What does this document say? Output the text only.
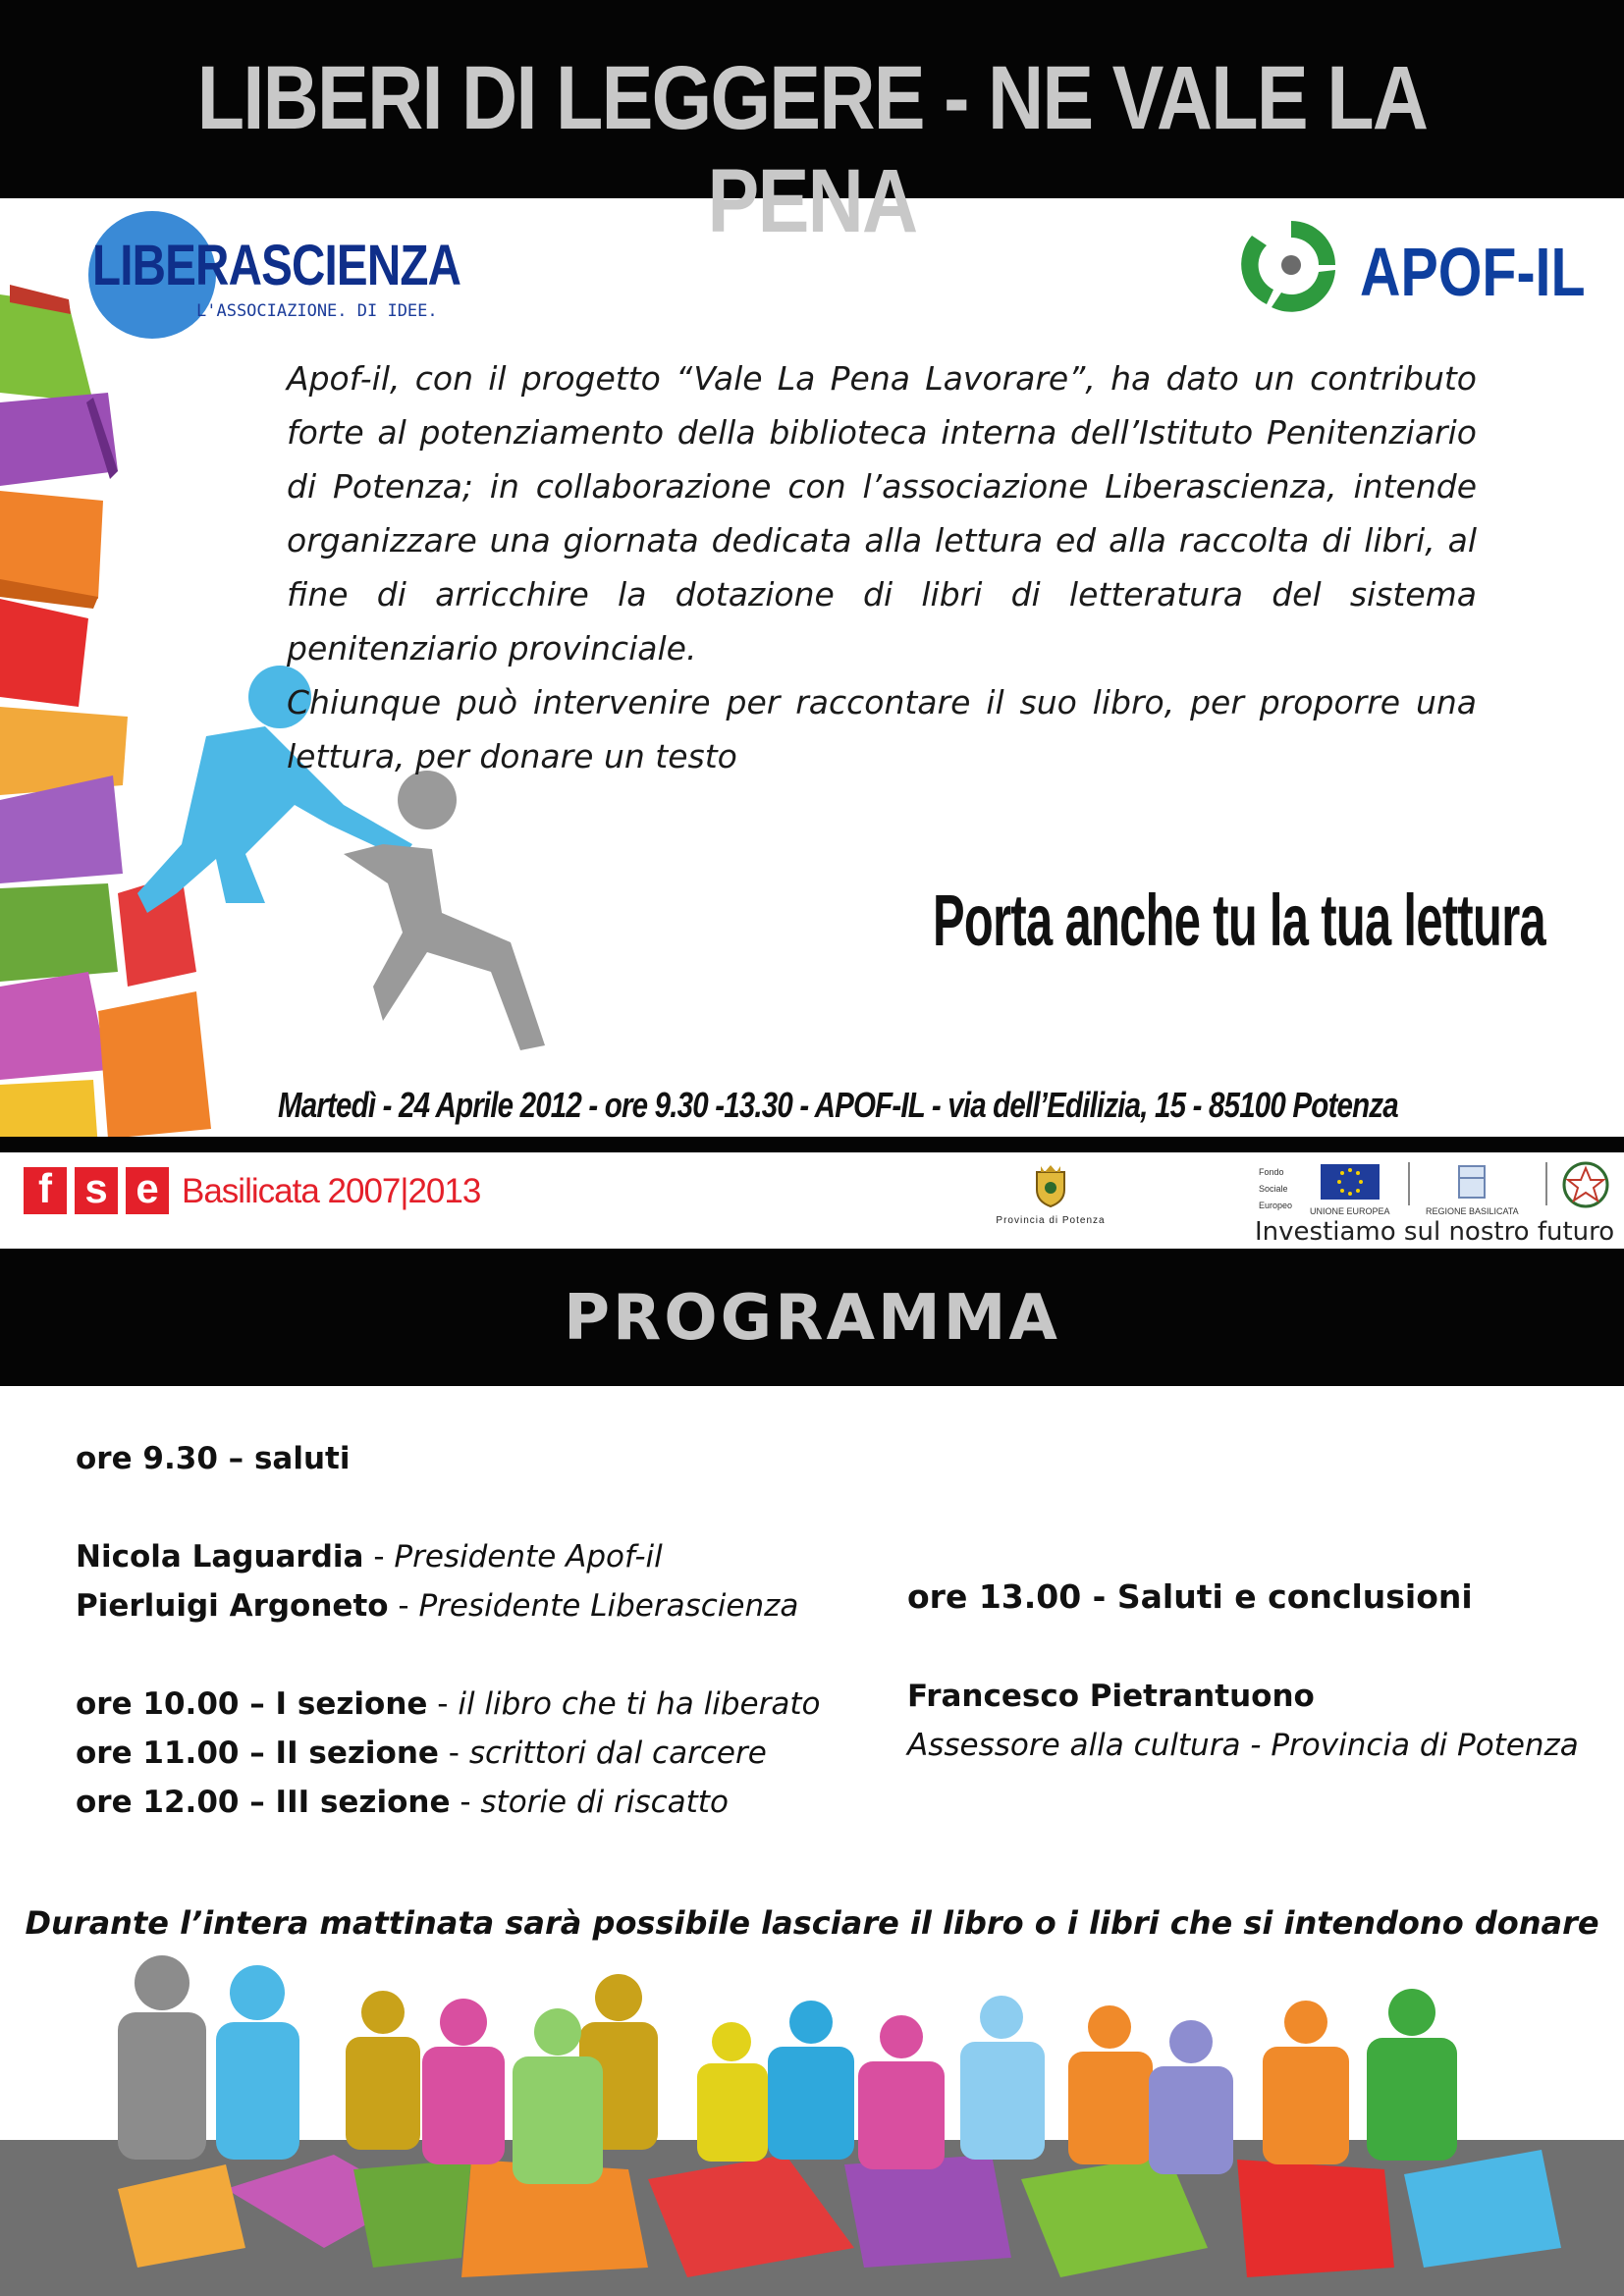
LIBERI DI LEGGERE - NE VALE LA PENA
LIBERASCIENZA
L'ASSOCIAZIONE. DI IDEE.
APOF-IL

Apof-il, con il progetto “Vale La Pena Lavorare”, ha dato un contributo forte al potenziamento della biblioteca interna dell’Istituto Penitenziario di Potenza; in collaborazione con l’associazione Liberascienza, intende organizzare una giornata dedicata alla lettura ed alla raccolta di libri, al fine di arricchire la dotazione di libri di letteratura del sistema penitenziario provinciale.

Chiunque può intervenire per raccontare il suo libro, per proporre una lettura, per donare un testo

Porta anche tu la tua lettura
Martedì - 24 Aprile 2012 - ore 9.30 -13.30 - APOF-IL - via dell’Edilizia, 15 - 85100 Potenza
f s e Basilicata 2007|2013
Provincia di Potenza
Fondo
Sociale
Europeo
UNIONE EUROPEA	REGIONE BASILICATA
Investiamo sul nostro futuro
PROGRAMMA
ore 9.30 – saluti
Nicola Laguardia - Presidente Apof-il
Pierluigi Argoneto - Presidente Liberascienza
ore 10.00 – I sezione - il libro che ti ha liberato
ore 11.00 – II sezione - scrittori dal carcere
ore 12.00 – III sezione - storie di riscatto
ore 13.00 - Saluti e conclusioni
Francesco Pietrantuono
Assessore alla cultura - Provincia di Potenza
Durante l’intera mattinata sarà possibile lasciare il libro o i libri che si intendono donare
